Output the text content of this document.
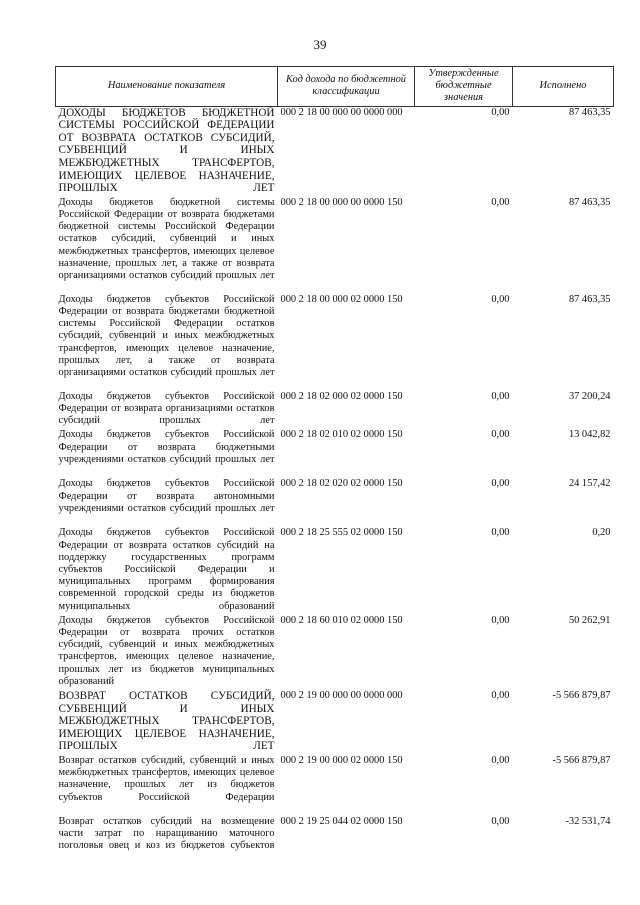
39
Наименование показателя	Код дохода по бюджетной классификации	Утвержденные бюджетные значения	Исполнено
ДОХОДЫ БЮДЖЕТОВ БЮДЖЕТНОЙ СИСТЕМЫ РОССИЙСКОЙ ФЕДЕРАЦИИ ОТ ВОЗВРАТА ОСТАТКОВ СУБСИДИЙ, СУБВЕНЦИЙ И ИНЫХ МЕЖБЮДЖЕТНЫХ ТРАНСФЕРТОВ, ИМЕЮЩИХ ЦЕЛЕВОЕ НАЗНАЧЕНИЕ, ПРОШЛЫХ ЛЕТ	000 2 18 00 000 00 0000 000	0,00	87 463,35
Доходы бюджетов бюджетной системы Российской Федерации от возврата бюджетами бюджетной системы Российской Федерации остатков субсидий, субвенций и иных межбюджетных трансфертов, имеющих целевое назначение, прошлых лет, а также от возврата организациями остатков субсидий прошлых лет	000 2 18 00 000 00 0000 150	0,00	87 463,35
Доходы бюджетов субъектов Российской Федерации от возврата бюджетами бюджетной системы Российской Федерации остатков субсидий, субвенций и иных межбюджетных трансфертов, имеющих целевое назначение, прошлых лет, а также от возврата организациями остатков субсидий прошлых лет	000 2 18 00 000 02 0000 150	0,00	87 463,35
Доходы бюджетов субъектов Российской Федерации от возврата организациями остатков субсидий прошлых лет	000 2 18 02 000 02 0000 150	0,00	37 200,24
Доходы бюджетов субъектов Российской Федерации от возврата бюджетными учреждениями остатков субсидий прошлых лет	000 2 18 02 010 02 0000 150	0,00	13 042,82
Доходы бюджетов субъектов Российской Федерации от возврата автономными учреждениями остатков субсидий прошлых лет	000 2 18 02 020 02 0000 150	0,00	24 157,42
Доходы бюджетов субъектов Российской Федерации от возврата остатков субсидий на поддержку государственных программ субъектов Российской Федерации и муниципальных программ формирования современной городской среды из бюджетов муниципальных образований	000 2 18 25 555 02 0000 150	0,00	0,20
Доходы бюджетов субъектов Российской Федерации от возврата прочих остатков субсидий, субвенций и иных межбюджетных трансфертов, имеющих целевое назначение, прошлых лет из бюджетов муниципальных образований	000 2 18 60 010 02 0000 150	0,00	50 262,91
ВОЗВРАТ ОСТАТКОВ СУБСИДИЙ, СУБВЕНЦИЙ И ИНЫХ МЕЖБЮДЖЕТНЫХ ТРАНСФЕРТОВ, ИМЕЮЩИХ ЦЕЛЕВОЕ НАЗНАЧЕНИЕ, ПРОШЛЫХ ЛЕТ	000 2 19 00 000 00 0000 000	0,00	-5 566 879,87
Возврат остатков субсидий, субвенций и иных межбюджетных трансфертов, имеющих целевое назначение, прошлых лет из бюджетов субъектов Российской Федерации	000 2 19 00 000 02 0000 150	0,00	-5 566 879,87
Возврат остатков субсидий на возмещение части затрат по наращиванию маточного поголовья овец и коз из бюджетов субъектов	000 2 19 25 044 02 0000 150	0,00	-32 531,74
